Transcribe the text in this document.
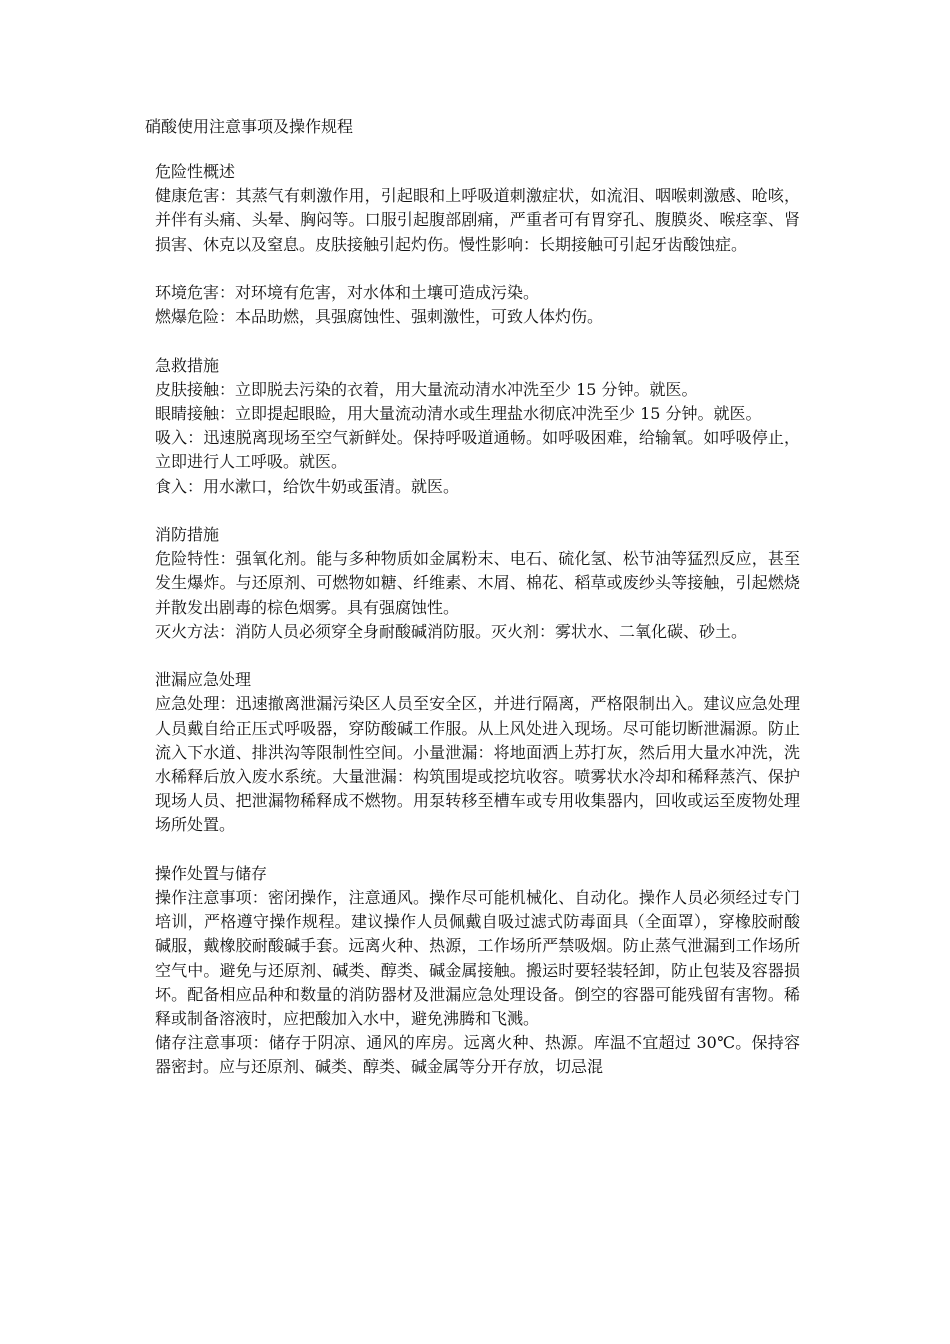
硝酸使用注意事项及操作规程
危险性概述

健康危害：其蒸气有刺激作用，引起眼和上呼吸道刺激症状，如流泪、咽喉刺激感、呛咳，并伴有头痛、头晕、胸闷等。口服引起腹部剧痛，严重者可有胃穿孔、腹膜炎、喉痉挛、肾损害、休克以及窒息。皮肤接触引起灼伤。慢性影响：长期接触可引起牙齿酸蚀症。

环境危害：对环境有危害，对水体和土壤可造成污染。

燃爆危险：本品助燃，具强腐蚀性、强刺激性，可致人体灼伤。

急救措施

皮肤接触：立即脱去污染的衣着，用大量流动清水冲洗至少 15 分钟。就医。

眼睛接触：立即提起眼睑，用大量流动清水或生理盐水彻底冲洗至少 15 分钟。就医。

吸入：迅速脱离现场至空气新鲜处。保持呼吸道通畅。如呼吸困难，给输氧。如呼吸停止，立即进行人工呼吸。就医。

食入：用水漱口，给饮牛奶或蛋清。就医。

消防措施

危险特性：强氧化剂。能与多种物质如金属粉末、电石、硫化氢、松节油等猛烈反应，甚至发生爆炸。与还原剂、可燃物如糖、纤维素、木屑、棉花、稻草或废纱头等接触，引起燃烧并散发出剧毒的棕色烟雾。具有强腐蚀性。

灭火方法：消防人员必须穿全身耐酸碱消防服。灭火剂：雾状水、二氧化碳、砂土。

泄漏应急处理

应急处理：迅速撤离泄漏污染区人员至安全区，并进行隔离，严格限制出入。建议应急处理人员戴自给正压式呼吸器，穿防酸碱工作服。从上风处进入现场。尽可能切断泄漏源。防止流入下水道、排洪沟等限制性空间。小量泄漏：将地面洒上苏打灰，然后用大量水冲洗，洗水稀释后放入废水系统。大量泄漏：构筑围堤或挖坑收容。喷雾状水冷却和稀释蒸汽、保护现场人员、把泄漏物稀释成不燃物。用泵转移至槽车或专用收集器内，回收或运至废物处理场所处置。

操作处置与储存

操作注意事项：密闭操作，注意通风。操作尽可能机械化、自动化。操作人员必须经过专门培训，严格遵守操作规程。建议操作人员佩戴自吸过滤式防毒面具（全面罩），穿橡胶耐酸碱服，戴橡胶耐酸碱手套。远离火种、热源，工作场所严禁吸烟。防止蒸气泄漏到工作场所空气中。避免与还原剂、碱类、醇类、碱金属接触。搬运时要轻装轻卸，防止包装及容器损坏。配备相应品种和数量的消防器材及泄漏应急处理设备。倒空的容器可能残留有害物。稀释或制备溶液时，应把酸加入水中，避免沸腾和飞溅。

储存注意事项：储存于阴凉、通风的库房。远离火种、热源。库温不宜超过 30℃。保持容器密封。应与还原剂、碱类、醇类、碱金属等分开存放，切忌混
